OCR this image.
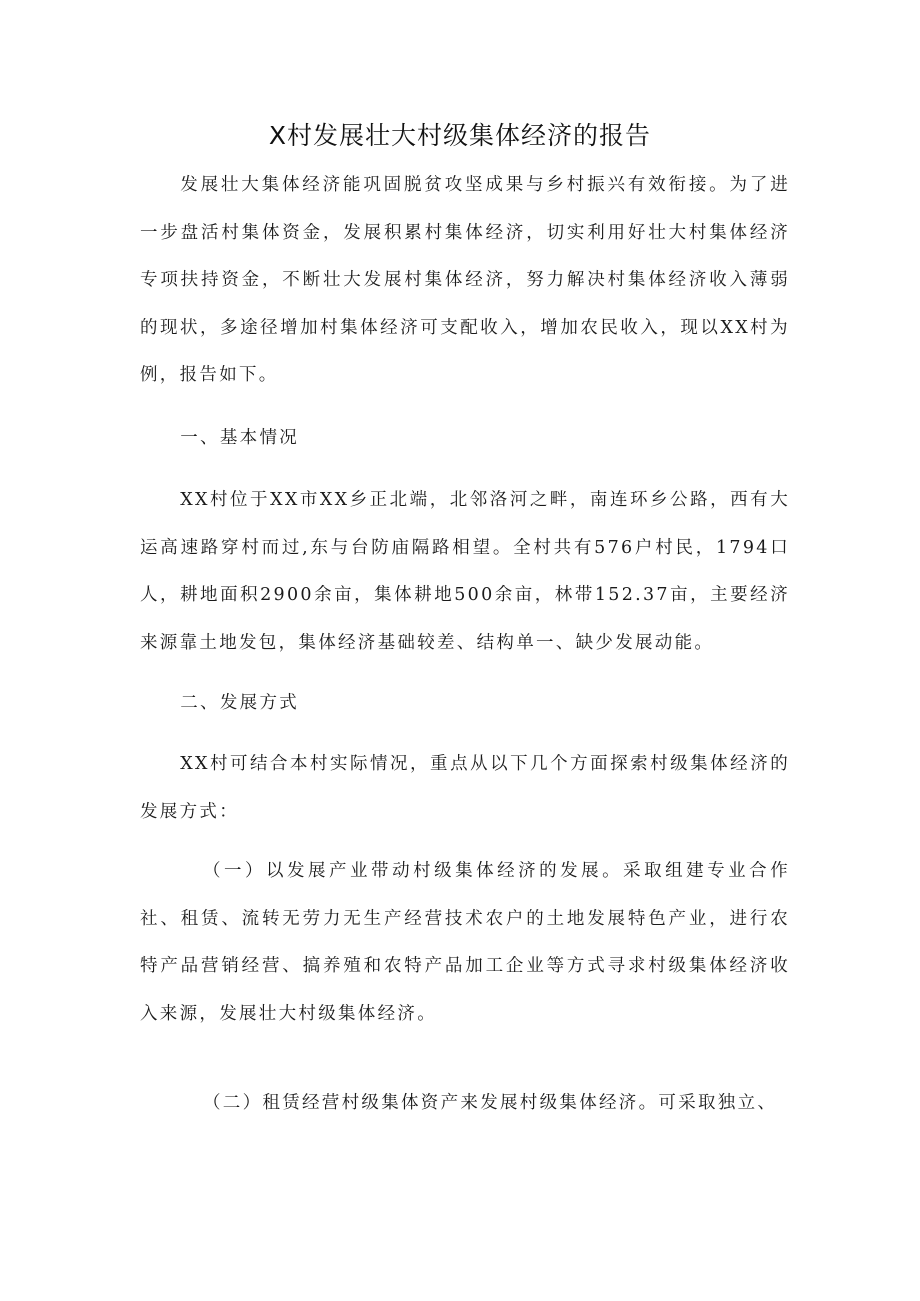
X村发展壮大村级集体经济的报告

发展壮大集体经济能巩固脱贫攻坚成果与乡村振兴有效衔接。为了进一步盘活村集体资金，发展积累村集体经济，切实利用好壮大村集体经济专项扶持资金，不断壮大发展村集体经济，努力解决村集体经济收入薄弱的现状，多途径增加村集体经济可支配收入，增加农民收入，现以XX村为例，报告如下。

一、基本情况

XX村位于XX市XX乡正北端，北邻洛河之畔，南连环乡公路，西有大运高速路穿村而过,东与台防庙隔路相望。全村共有576户村民，1794口人，耕地面积2900余亩，集体耕地500余亩，林带152.37亩，主要经济来源靠土地发包，集体经济基础较差、结构单一、缺少发展动能。

二、发展方式

XX村可结合本村实际情况，重点从以下几个方面探索村级集体经济的发展方式：

（一）以发展产业带动村级集体经济的发展。采取组建专业合作社、租赁、流转无劳力无生产经营技术农户的土地发展特色产业，进行农特产品营销经营、搞养殖和农特产品加工企业等方式寻求村级集体经济收入来源，发展壮大村级集体经济。

（二）租赁经营村级集体资产来发展村级集体经济。可采取独立、
